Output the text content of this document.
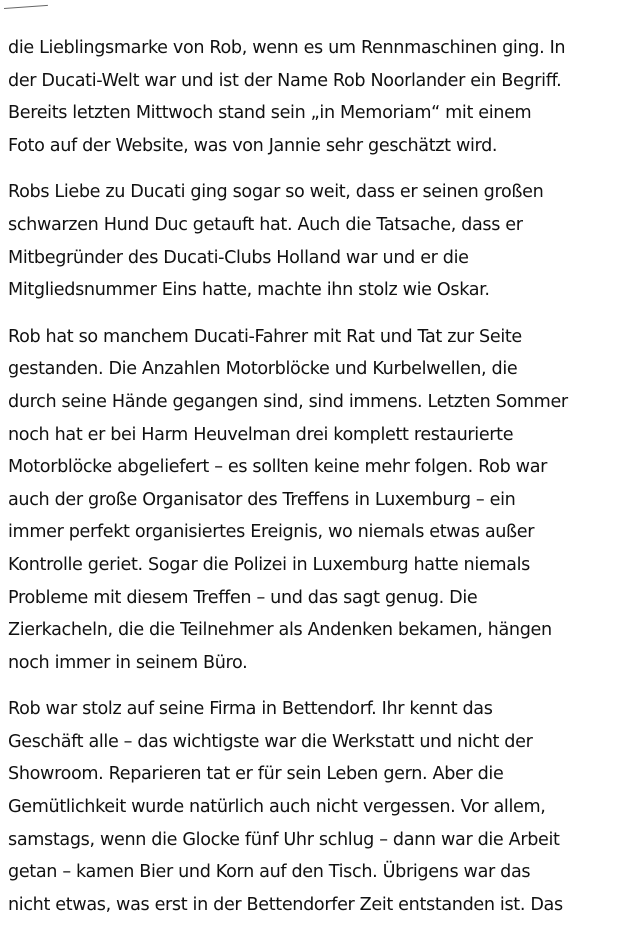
die Lieblingsmarke von Rob, wenn es um Rennmaschinen ging. In
der Ducati-Welt war und ist der Name Rob Noorlander ein Begriff.
Bereits letzten Mittwoch stand sein „in Memoriam“ mit einem
Foto auf der Website, was von Jannie sehr geschätzt wird.

Robs Liebe zu Ducati ging sogar so weit, dass er seinen großen
schwarzen Hund Duc getauft hat. Auch die Tatsache, dass er
Mitbegründer des Ducati-Clubs Holland war und er die
Mitgliedsnummer Eins hatte, machte ihn stolz wie Oskar.

Rob hat so manchem Ducati-Fahrer mit Rat und Tat zur Seite
gestanden. Die Anzahlen Motorblöcke und Kurbelwellen, die
durch seine Hände gegangen sind, sind immens. Letzten Sommer
noch hat er bei Harm Heuvelman drei komplett restaurierte
Motorblöcke abgeliefert – es sollten keine mehr folgen. Rob war
auch der große Organisator des Treffens in Luxemburg – ein
immer perfekt organisiertes Ereignis, wo niemals etwas außer
Kontrolle geriet. Sogar die Polizei in Luxemburg hatte niemals
Probleme mit diesem Treffen – und das sagt genug. Die
Zierkacheln, die die Teilnehmer als Andenken bekamen, hängen
noch immer in seinem Büro.

Rob war stolz auf seine Firma in Bettendorf. Ihr kennt das
Geschäft alle – das wichtigste war die Werkstatt und nicht der
Showroom. Reparieren tat er für sein Leben gern. Aber die
Gemütlichkeit wurde natürlich auch nicht vergessen. Vor allem,
samstags, wenn die Glocke fünf Uhr schlug – dann war die Arbeit
getan – kamen Bier und Korn auf den Tisch. Übrigens war das
nicht etwas, was erst in der Bettendorfer Zeit entstanden ist. Das
